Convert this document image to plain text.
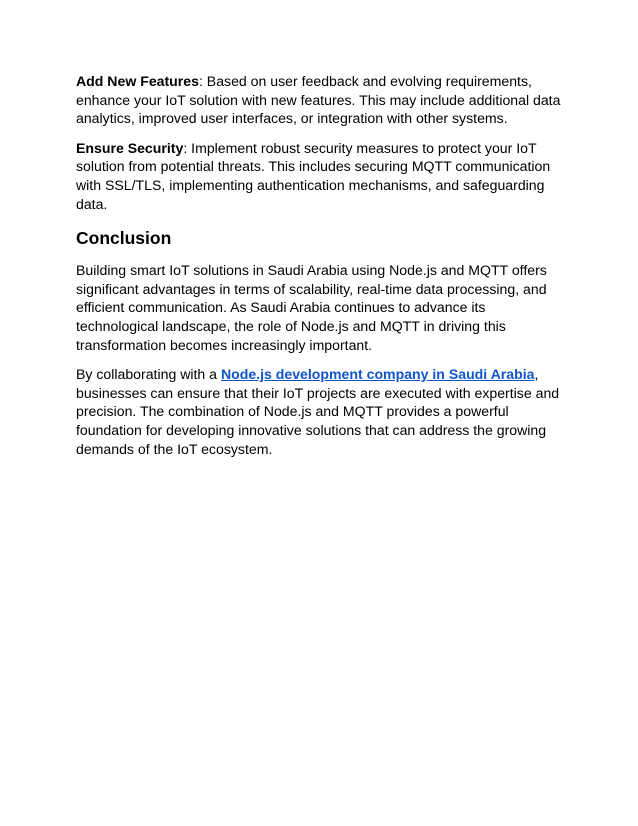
Add New Features: Based on user feedback and evolving requirements, enhance your IoT solution with new features. This may include additional data analytics, improved user interfaces, or integration with other systems.

Ensure Security: Implement robust security measures to protect your IoT solution from potential threats. This includes securing MQTT communication with SSL/TLS, implementing authentication mechanisms, and safeguarding data.

Conclusion

Building smart IoT solutions in Saudi Arabia using Node.js and MQTT offers significant advantages in terms of scalability, real-time data processing, and efficient communication. As Saudi Arabia continues to advance its technological landscape, the role of Node.js and MQTT in driving this transformation becomes increasingly important.

By collaborating with a Node.js development company in Saudi Arabia, businesses can ensure that their IoT projects are executed with expertise and precision. The combination of Node.js and MQTT provides a powerful foundation for developing innovative solutions that can address the growing demands of the IoT ecosystem.
